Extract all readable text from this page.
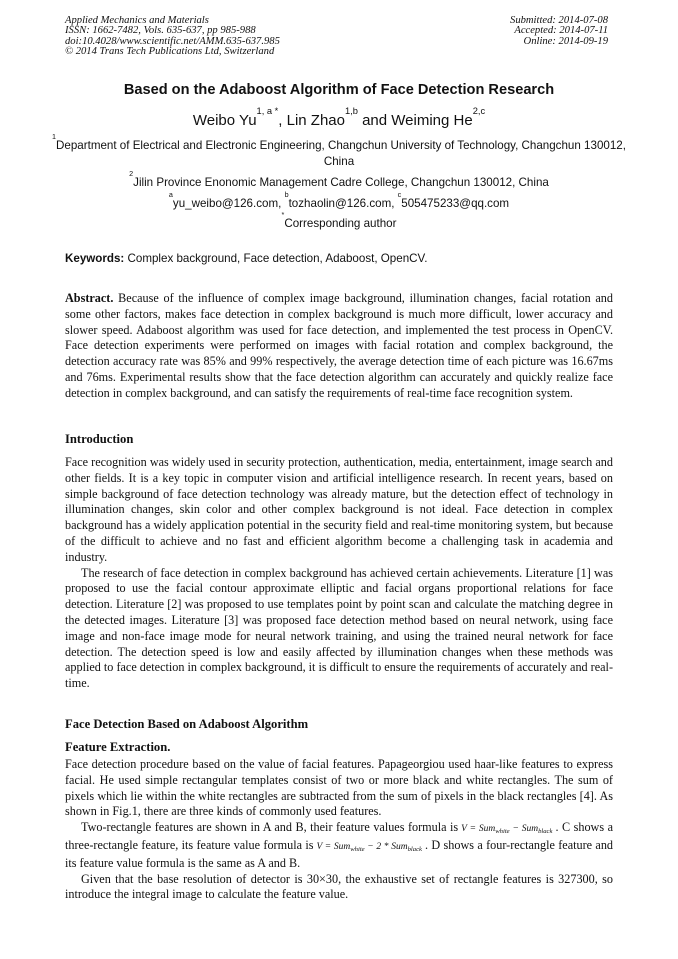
Applied Mechanics and Materials
ISSN: 1662-7482, Vols. 635-637, pp 985-988
doi:10.4028/www.scientific.net/AMM.635-637.985
© 2014 Trans Tech Publications Ltd, Switzerland
Submitted: 2014-07-08
Accepted: 2014-07-11
Online: 2014-09-19
Based on the Adaboost Algorithm of Face Detection Research
Weibo $Yu^{1, a *}$, Lin Zhao$^{1,b}$ and Weiming He$^{2,c}$
$^1$Department of Electrical and Electronic Engineering, Changchun University of Technology, Changchun 130012, China
$^2$Jilin Province Enonomic Management Cadre College, Changchun 130012, China
$^a$yu_weibo@126.com, $^b$tozhaolin@126.com, $^c$505475233@qq.com
*Corresponding author
Keywords: Complex background, Face detection, Adaboost, OpenCV.

Abstract. Because of the influence of complex image background, illumination changes, facial rotation and some other factors, makes face detection in complex background is much more difficult, lower accuracy and slower speed. Adaboost algorithm was used for face detection, and implemented the test process in OpenCV. Face detection experiments were performed on images with facial rotation and complex background, the detection accuracy rate was 85% and 99% respectively, the average detection time of each picture was 16.67ms and 76ms. Experimental results show that the face detection algorithm can accurately and quickly realize face detection in complex background, and can satisfy the requirements of real-time face recognition system.

Introduction

Face recognition was widely used in security protection, authentication, media, entertainment, image search and other fields. It is a key topic in computer vision and artificial intelligence research. In recent years, based on simple background of face detection technology was already mature, but the detection effect of technology in illumination changes, skin color and other complex background is not ideal. Face detection in complex background has a widely application potential in the security field and real-time monitoring system, but because of the difficult to achieve and no fast and efficient algorithm become a challenging task in academia and industry.

The research of face detection in complex background has achieved certain achievements. Literature [1] was proposed to use the facial contour approximate elliptic and facial organs proportional relations for face detection. Literature [2] was proposed to use templates point by point scan and calculate the matching degree in the detected images. Literature [3] was proposed face detection method based on neural network, using face image and non-face image mode for neural network training, and using the trained neural network for face detection. The detection speed is low and easily affected by illumination changes when these methods was applied to face detection in complex background, it is difficult to ensure the requirements of accurately and real-time.

Face Detection Based on Adaboost Algorithm
Feature Extraction.

Face detection procedure based on the value of facial features. Papageorgiou used haar-like features to express facial. He used simple rectangular templates consist of two or more black and white rectangles. The sum of pixels which lie within the white rectangles are subtracted from the sum of pixels in the black rectangles [4]. As shown in Fig.1, there are three kinds of commonly used features.

Two-rectangle features are shown in A and B, their feature values formula is V = Sum$_{white}$ − Sum$_{black}$ . C shows a three-rectangle feature, its feature value formula is V = Sum$_{white}$ − 2 * Sum$_{black}$ . D shows a four-rectangle feature and its feature value formula is the same as A and B.

Given that the base resolution of detector is 30×30, the exhaustive set of rectangle features is 327300, so introduce the integral image to calculate the feature value.
